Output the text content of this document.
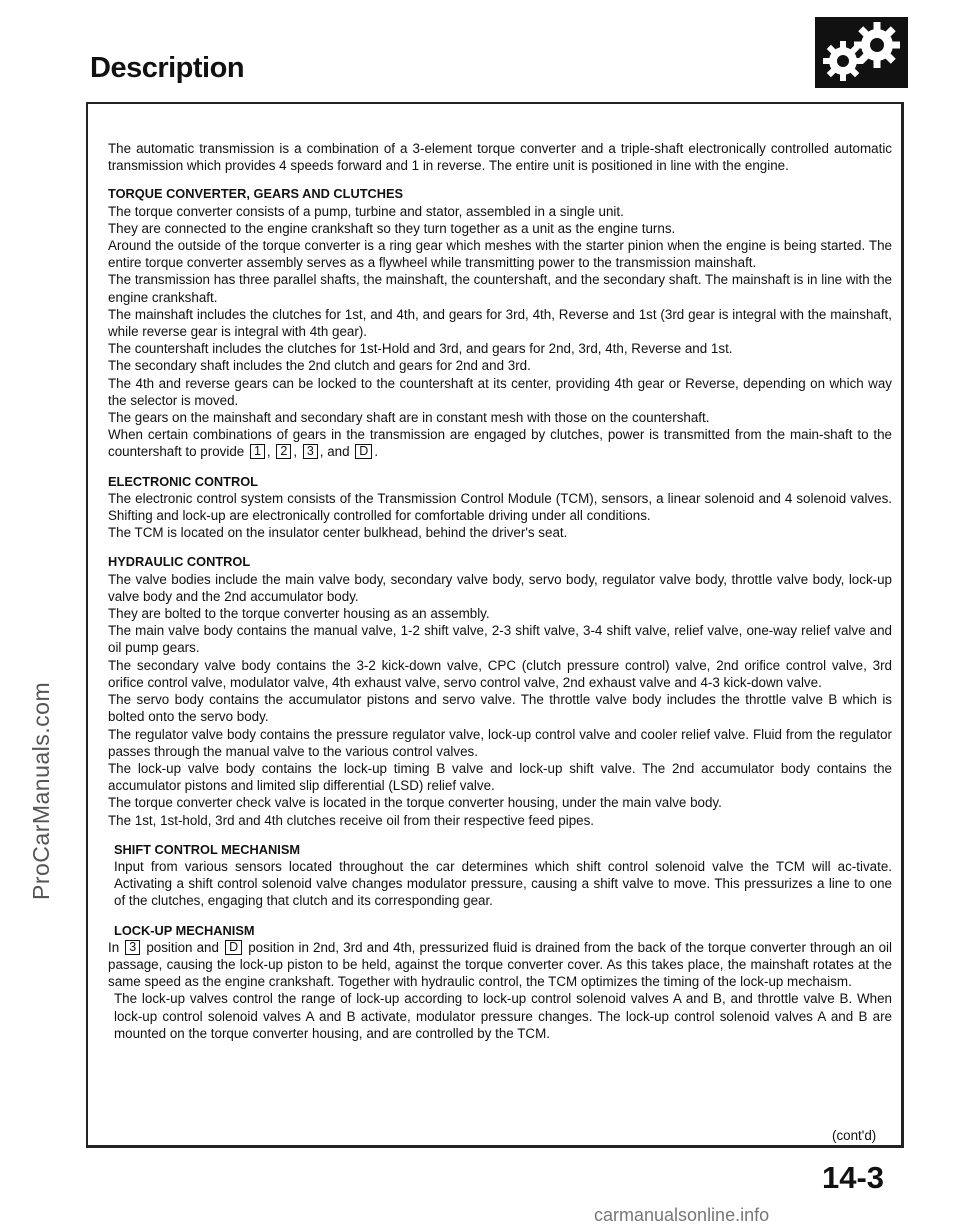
Description
ProCarManuals.com

The automatic transmission is a combination of a 3-element torque converter and a triple-shaft electronically controlled automatic transmission which provides 4 speeds forward and 1 in reverse. The entire unit is positioned in line with the engine.

TORQUE CONVERTER, GEARS AND CLUTCHES

The torque converter consists of a pump, turbine and stator, assembled in a single unit.

They are connected to the engine crankshaft so they turn together as a unit as the engine turns.

Around the outside of the torque converter is a ring gear which meshes with the starter pinion when the engine is being started. The entire torque converter assembly serves as a flywheel while transmitting power to the transmission mainshaft.

The transmission has three parallel shafts, the mainshaft, the countershaft, and the secondary shaft. The mainshaft is in line with the engine crankshaft.

The mainshaft includes the clutches for 1st, and 4th, and gears for 3rd, 4th, Reverse and 1st (3rd gear is integral with the mainshaft, while reverse gear is integral with 4th gear).

The countershaft includes the clutches for 1st-Hold and 3rd, and gears for 2nd, 3rd, 4th, Reverse and 1st.

The secondary shaft includes the 2nd clutch and gears for 2nd and 3rd.

The 4th and reverse gears can be locked to the countershaft at its center, providing 4th gear or Reverse, depending on which way the selector is moved.

The gears on the mainshaft and secondary shaft are in constant mesh with those on the countershaft.

When certain combinations of gears in the transmission are engaged by clutches, power is transmitted from the main-shaft to the countershaft to provide 1 , 2 , 3 , and D .

ELECTRONIC CONTROL

The electronic control system consists of the Transmission Control Module (TCM), sensors, a linear solenoid and 4 solenoid valves. Shifting and lock-up are electronically controlled for comfortable driving under all conditions.

The TCM is located on the insulator center bulkhead, behind the driver's seat.

HYDRAULIC CONTROL

The valve bodies include the main valve body, secondary valve body, servo body, regulator valve body, throttle valve body, lock-up valve body and the 2nd accumulator body.

They are bolted to the torque converter housing as an assembly.

The main valve body contains the manual valve, 1-2 shift valve, 2-3 shift valve, 3-4 shift valve, relief valve, one-way relief valve and oil pump gears.

The secondary valve body contains the 3-2 kick-down valve, CPC (clutch pressure control) valve, 2nd orifice control valve, 3rd orifice control valve, modulator valve, 4th exhaust valve, servo control valve, 2nd exhaust valve and 4-3 kick-down valve.

The servo body contains the accumulator pistons and servo valve. The throttle valve body includes the throttle valve B which is bolted onto the servo body.

The regulator valve body contains the pressure regulator valve, lock-up control valve and cooler relief valve. Fluid from the regulator passes through the manual valve to the various control valves.

The lock-up valve body contains the lock-up timing B valve and lock-up shift valve. The 2nd accumulator body contains the accumulator pistons and limited slip differential (LSD) relief valve.

The torque converter check valve is located in the torque converter housing, under the main valve body.

The 1st, 1st-hold, 3rd and 4th clutches receive oil from their respective feed pipes.

SHIFT CONTROL MECHANISM

Input from various sensors located throughout the car determines which shift control solenoid valve the TCM will ac-tivate. Activating a shift control solenoid valve changes modulator pressure, causing a shift valve to move. This pressurizes a line to one of the clutches, engaging that clutch and its corresponding gear.

LOCK-UP MECHANISM

In 3 position and D position in 2nd, 3rd and 4th, pressurized fluid is drained from the back of the torque converter through an oil passage, causing the lock-up piston to be held, against the torque converter cover. As this takes place, the mainshaft rotates at the same speed as the engine crankshaft. Together with hydraulic control, the TCM optimizes the timing of the lock-up mechaism.

The lock-up valves control the range of lock-up according to lock-up control solenoid valves A and B, and throttle valve B. When lock-up control solenoid valves A and B activate, modulator pressure changes. The lock-up control solenoid valves A and B are mounted on the torque converter housing, and are controlled by the TCM.

(cont'd)
14-3
carmanualsonline.info
